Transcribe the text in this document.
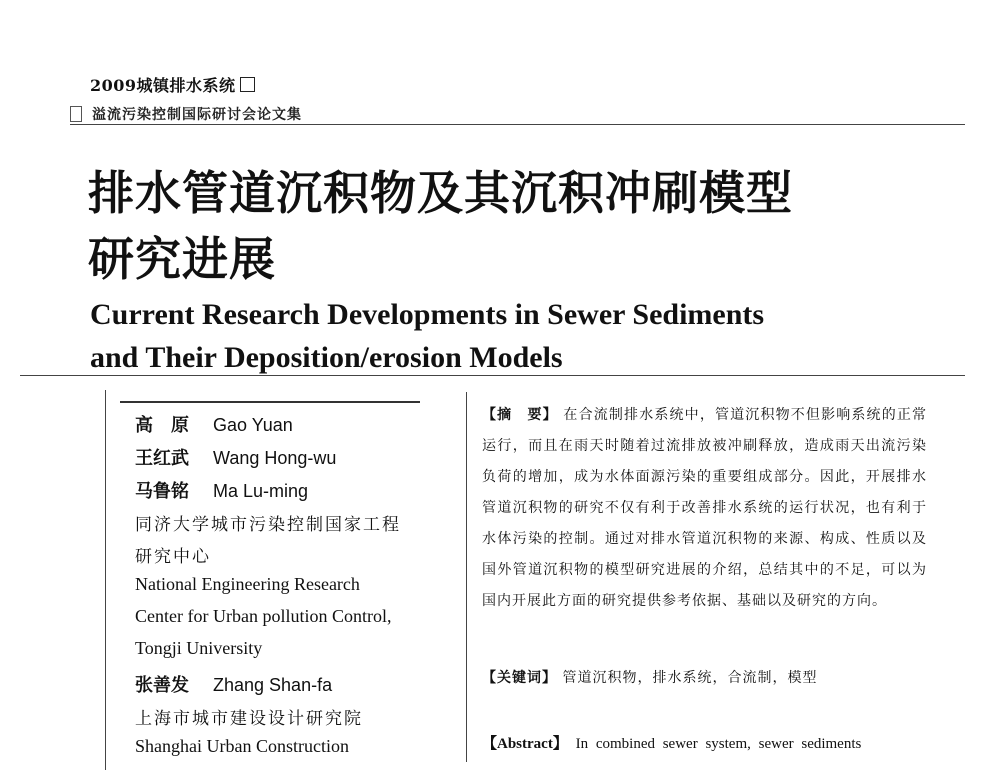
2009城镇排水系统
溢流污染控制国际研讨会论文集
排水管道沉积物及其沉积冲刷模型
研究进展
Current Research Developments in Sewer Sediments
and Their Deposition/erosion Models
高　原 Gao Yuan
王红武 Wang Hong-wu
马鲁铭 Ma Lu-ming
同济大学城市污染控制国家工程
研究中心
National Engineering Research
Center for Urban pollution Control,
Tongji University
张善发 Zhang Shan-fa
上海市城市建设设计研究院
Shanghai Urban Construction
【摘　要】 在合流制排水系统中，管道沉积物不但影响系统的正常运行，而且在雨天时随着过流排放被冲刷释放，造成雨天出流污染负荷的增加，成为水体面源污染的重要组成部分。因此，开展排水管道沉积物的研究不仅有利于改善排水系统的运行状况，也有利于水体污染的控制。通过对排水管道沉积物的来源、构成、性质以及国外管道沉积物的模型研究进展的介绍，总结其中的不足，可以为国内开展此方面的研究提供参考依据、基础以及研究的方向。
【关键词】 管道沉积物，排水系统，合流制，模型
【Abstract】 In combined sewer system, sewer sediments
